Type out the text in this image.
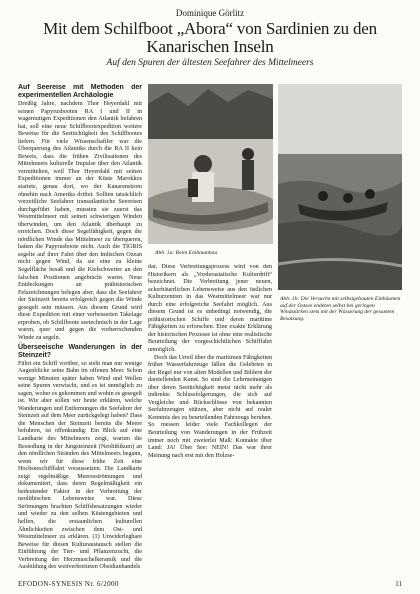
Dominique Görlitz
Mit dem Schilfboot „Abora“ von Sardinien zu den Kanarischen Inseln
Auf den Spuren der ältesten Seefahrer des Mittelmeers
Auf Seereise mit Methoden der experimentellen Archäologie

Dreißig Jahre, nachdem Thor Heyerdahl mit seinen Papyrusbooten RA I und II in wagemutigen Expeditionen den Atlantik befahren hat, soll eine neue Schilfbootexpedition weitere Beweise für die Seetüchtigkeit des Schilfbootes liefern. Für viele Wissenschaftler war die Überquerung des Atlantiks durch die RA II kein Beweis, dass die frühen Zivilisationen des Mittelmeers kulturelle Impulse über den Atlantik vermittelten, weil Thor Heyerdahl mit seinen Expeditionen immer an der Küste Marokkos startete, genau dort, wo der Kanarenstrom ohnehin nach Amerika driftet. Sollten tatsächlich vorzeitliche Seefahrer transatlantische Seereisen durchgeführt haben, mussten sie zuerst das Westmittelmeer mit seinen schwierigen Winden überwinden, um den Atlantik überhaupt zu erreichen. Doch diese Segelfähigkeit, gegen die nördlichen Winde das Mittelmeer zu überqueren, hatten die Papyrusboote nicht. Auch die TIGRIS segelte auf ihrer Fahrt über den Indischen Ozean nicht gegen Wind, da sie eine zu kleine Segelfläche besaß und die Kielschwerter an den falschen Positionen angebracht waren. Neue Entdeckungen an prähistorischen Felszeichnungen belegen aber, dass die Seefahrer der Steinzeit bereits erfolgreich gegen die Winde gesegelt sein müssen. Aus diesem Grund wird diese Expedition mit einer verbesserten Takelage erproben, ob Schilfboote seetechnisch in der Lage waren, quer und gegen die vorherrschenden Winde zu segeln.

Überseeische Wanderungen in der Steinzeit?

Führt ein Schiff vorüber, so sieht man nur wenige Augenblicke seine Bahn im offenen Meer. Schon wenige Minuten später haben Wind und Wellen seine Spuren verwischt, und es ist unmöglich zu sagen, woher es gekommen und wohin es gesegelt ist. Wie aber sollen wir heute erklären, welche Wanderungen und Entfernungen die Seefahrer der Steinzeit auf dem Meer zurückgelegt haben? Dass die Menschen der Steinzeit bereits die Meere befuhren, ist offenkundig: Ein Blick auf eine Landkarte des Mittelmeers zeigt, warum die Besiedlung in der Jungsteinzeit (Neolithikum) an den nördlichen Stränden des Mittelmeers begann, wenn wir für diese frühe Zeit eine Hochseeschifffahrt voraussetzen. Die Landkarte zeigt regelmäßige Meeresströmungen und dokumentiert, dass deren Regelmäßigkeit ein bedeutender Faktor in der Verbreitung der neolithischen Lebensweise war. Diese Strömungen brachten Schiffsbesatzungen wieder und wieder zu den selben Küstengebieten und helfen, die erstaunlichen kulturellen Ähnlichkeiten zwischen dem Ost- und Westmittelmeer zu erklären. (1) Unwiderlegbare Beweise für diesen Kulturaustausch stellen die Einführung der Tier- und Pflanzenzucht, die Verbreitung der Herzmuschelkeramik und die Ausbildung des weitverbreiteten Obsidianhandels

dar. Diese Verbreitungsprozess wird von den Historikern als „Vorderasiatische Kulturdrift“ bezeichnet. Die Verbreitung jener neuen, ackerbäuerlichen Lebensweise aus den östlichen Kulturzentren in das Westmittelmeer war nur durch eine erfolgreiche Seefahrt möglich. Aus diesem Grund ist es unbedingt notwendig, die prähistorischen Schiffe und deren maritime Fähigkeiten zu erforschen. Eine exakte Erklärung der historischen Prozesse ist ohne eine realistische Beurteilung der vorgeschichtlichen Schifffahrt unmöglich.

Doch das Urteil über die maritimen Fähigkeiten früher Wasserfahrzeuge fällen die Gelehrten in der Regel nur von alten Modellen und Bildern der darstellenden Kunst. So sind die Lehrmeinungen über deren Seetüchtigkeit meist nicht mehr als indirekte Schlussfolgerungen, die sich auf Vergleiche und Rückschlüsse von bekannten Seefahrzeugen stützen, aber nicht auf realer Kenntnis des zu beurteilenden Fahrzeugs beruhen. So messen leider viele Fachkollegen der Beurteilung von Wanderungen in der Frühzeit immer noch mit zweierlei Maß: Kontakte über Land: JA! Über See: NEIN! Das war ihrer Meinung nach erst mit den Holzse-

Abb. 1a: Beim Einbaumbau
Abb. 1b: Die Versuche mit selbstgebauten Einbäumen auf der Ostsee endeten selbst bei geringen Windstärken stets mit der Wässerung der gesamten Besatzung.
EFODON-SYNESIS Nr. 6/2000	11
